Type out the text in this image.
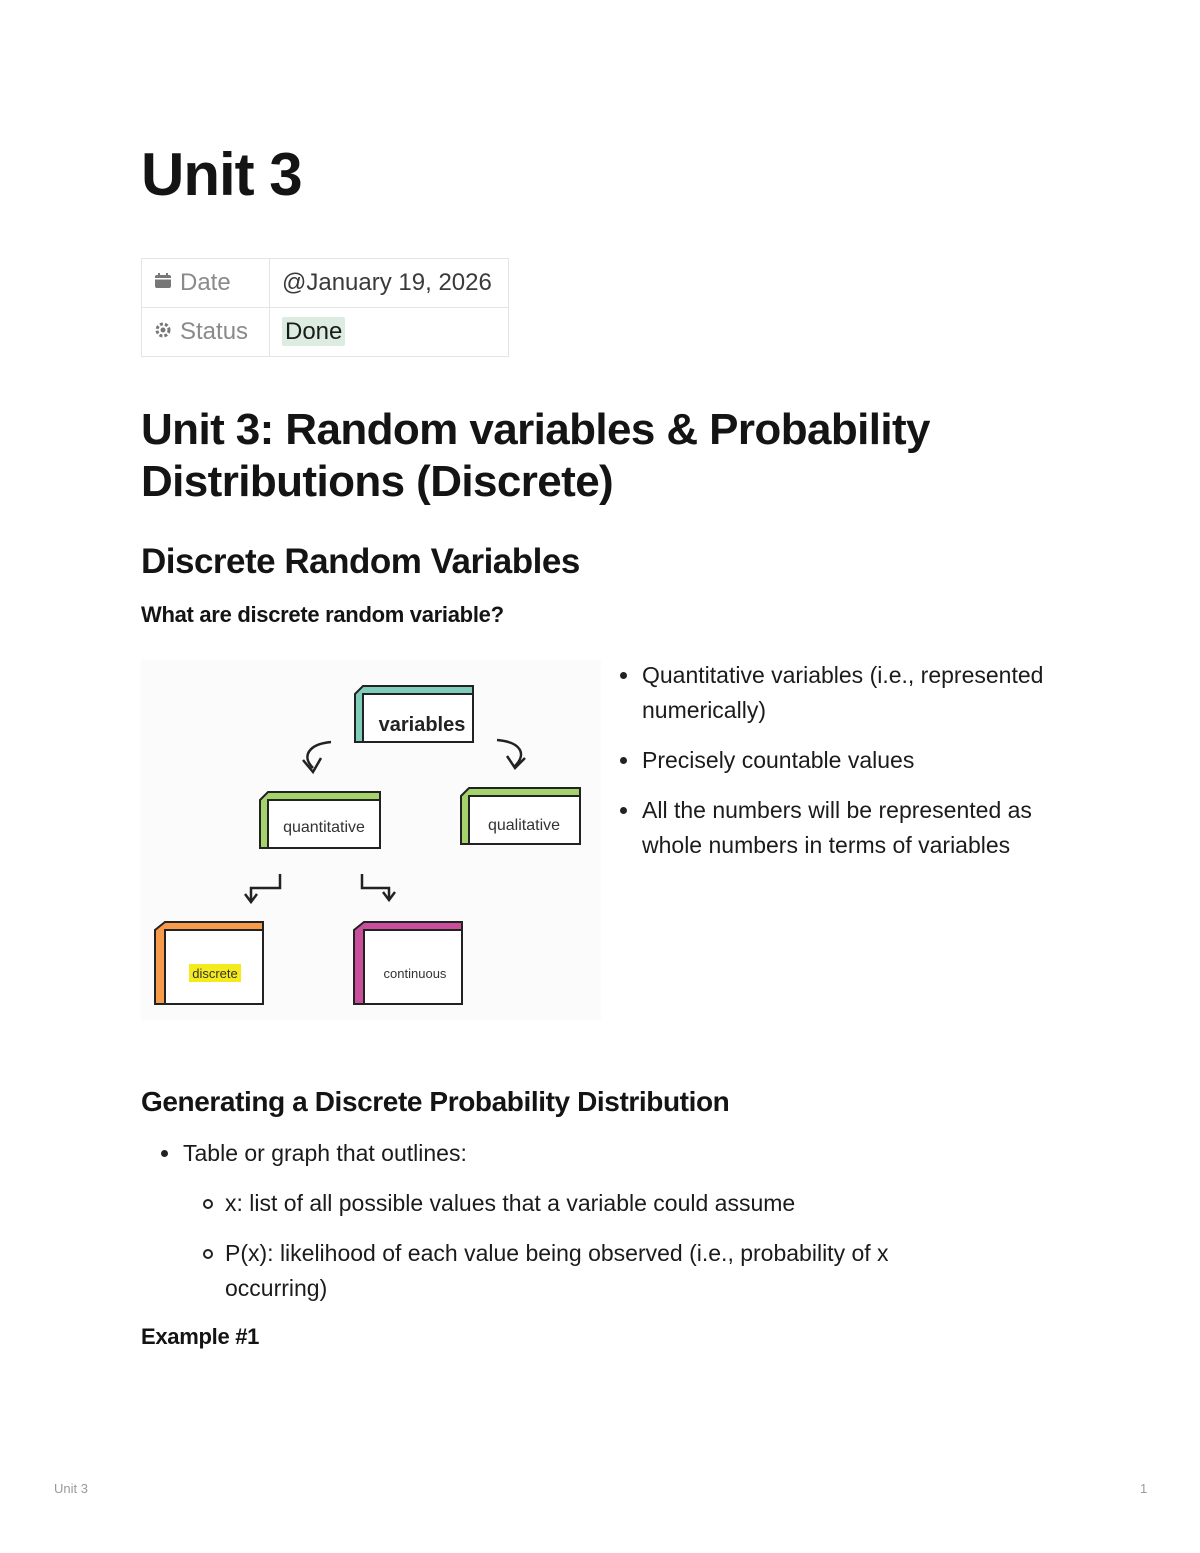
Unit 3
Date	@January 19, 2026
Status	Done
Unit 3: Random variables & Probability Distributions (Discrete)
Discrete Random Variables

What are discrete random variable?

variables
quantitative	qualitative
discrete	continuous
Quantitative variables (i.e., represented numerically)
Precisely countable values
All the numbers will be represented as whole numbers in terms of variables
Generating a Discrete Probability Distribution
Table or graph that outlines:
x: list of all possible values that a variable could assume
P(x): likelihood of each value being observed (i.e., probability of x occurring)

Example #1

Unit 3	1
